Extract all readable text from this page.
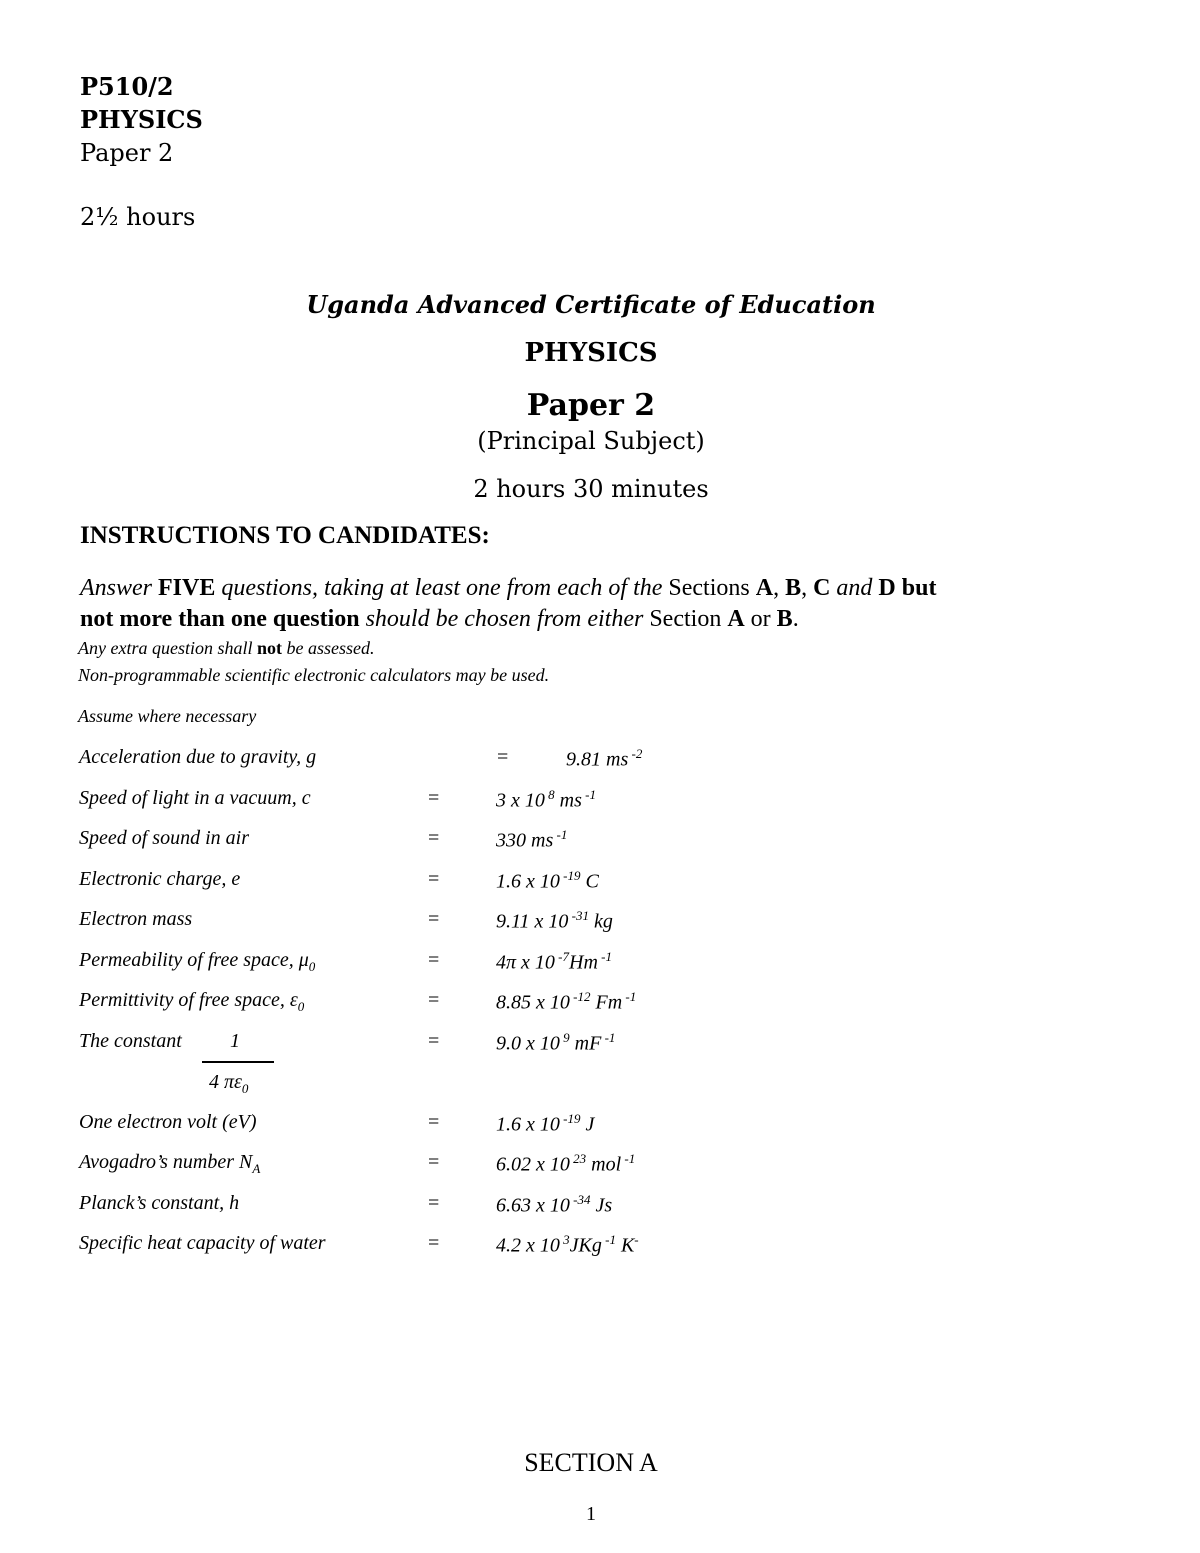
P510/2
PHYSICS
Paper 2
2½ hours
Uganda Advanced Certificate of Education
PHYSICS
Paper 2
(Principal Subject)
2 hours 30 minutes
INSTRUCTIONS TO CANDIDATES:
Answer FIVE questions, taking at least one from each of the Sections A, B, C and D but
not more than one question should be chosen from either Section A or B.
Any extra question shall not be assessed.
Non-programmable scientific electronic calculators may be used.
Assume where necessary
Acceleration due to gravity, g	=	9.81 ms $^{-2}$
Speed of light in a vacuum, c	=	3 x 10 $^8$ ms $^{-1}$
Speed of sound in air	=	330 ms $^{-1}$
Electronic charge, e	=	1.6 x 10 $^{-19}$ C
Electron mass	=	9.11 x 10 $^{-31}$ kg
Permeability of free space, $\mu_0$	=	4π x 10 $^{-7}$Hm $^{-1}$
Permittivity of free space, $\varepsilon_0$	=	8.85 x 10 $^{-12}$ Fm $^{-1}$
The constant 1
4 $\pi\varepsilon_0$
=	9.0 x 10 $^9$ mF $^{-1}$
One electron volt (eV)	=	1.6 x 10 $^{-19}$ J
Avogadro’s number $N_A$	=	6.02 x 10 $^{23}$ mol $^{-1}$
Planck’s constant, h	=	6.63 x 10 $^{-34}$ Js
Specific heat capacity of water	=	4.2 x 10 $^3$JKg $^{-1}$ K-
SECTION A
1
